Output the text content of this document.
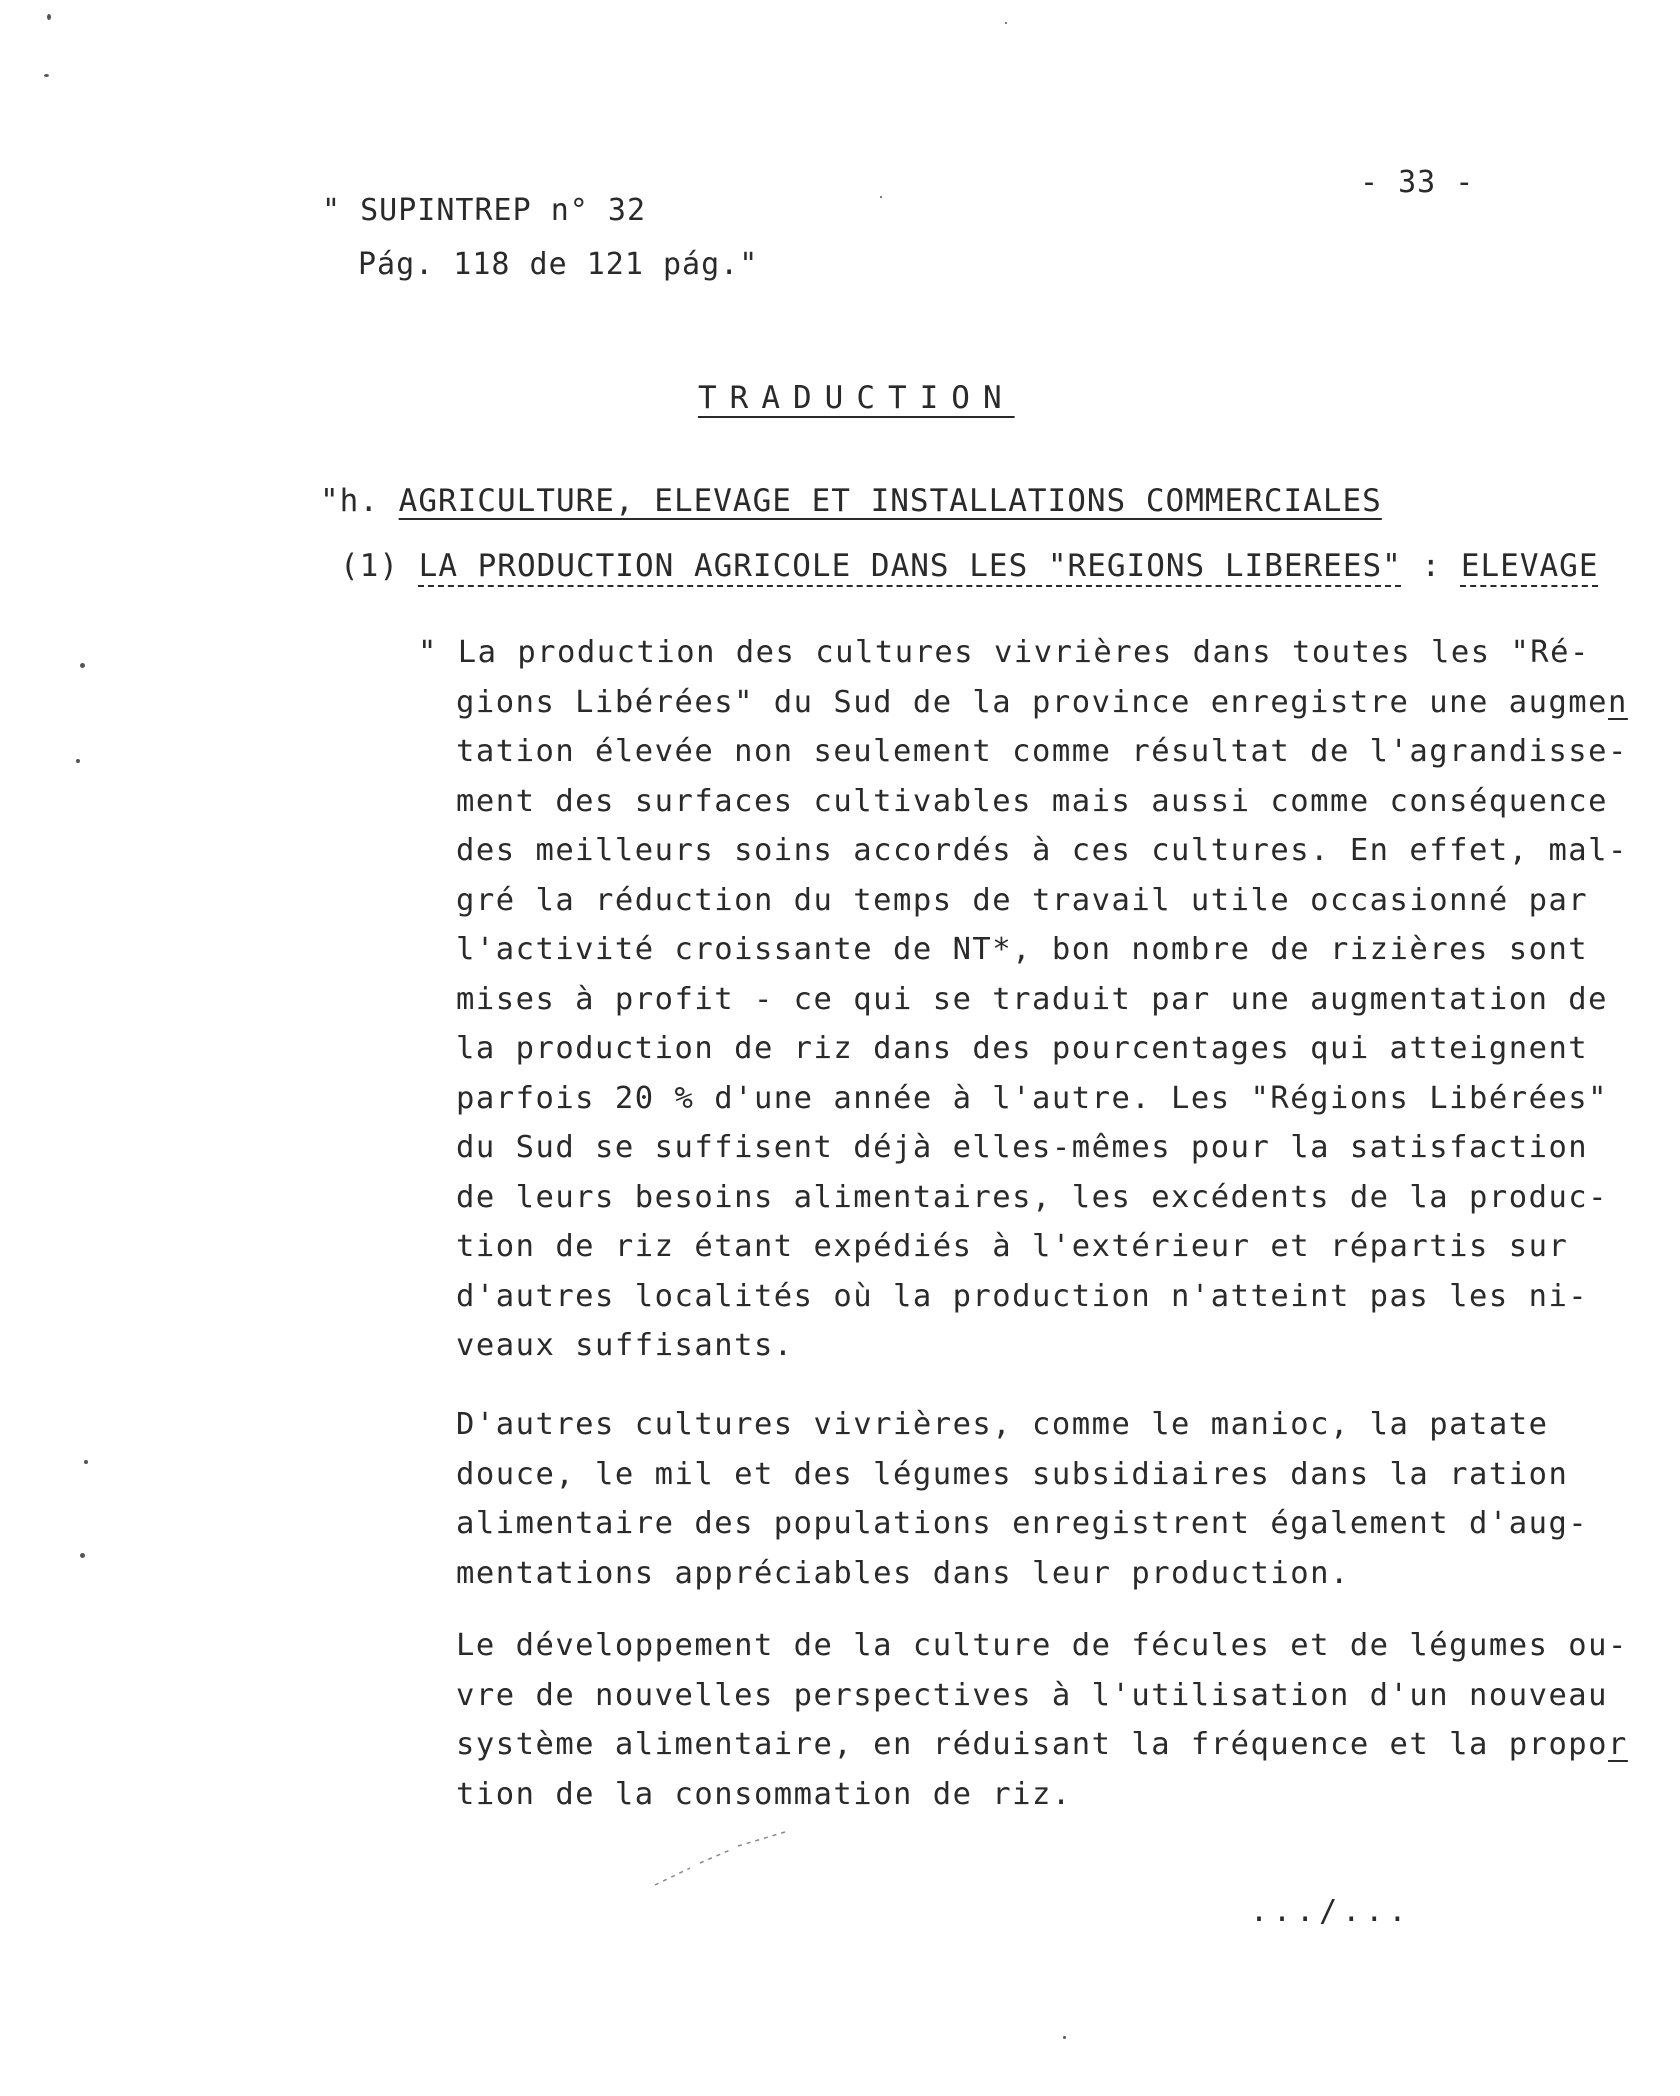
- 33 -
" SUPINTREP n° 32
Pág. 118 de 121 pág."
TRADUCTION
"h. AGRICULTURE, ELEVAGE ET INSTALLATIONS COMMERCIALES
(1) LA PRODUCTION AGRICOLE DANS LES "REGIONS LIBEREES" : ELEVAGE
" La production des cultures vivrières dans toutes les "Ré-
gions Libérées" du Sud de la province enregistre une augmen
tation élevée non seulement comme résultat de l'agrandisse-
ment des surfaces cultivables mais aussi comme conséquence
des meilleurs soins accordés à ces cultures. En effet, mal-
gré la réduction du temps de travail utile occasionné par
l'activité croissante de NT*, bon nombre de rizières sont
mises à profit - ce qui se traduit par une augmentation de
la production de riz dans des pourcentages qui atteignent
parfois 20 % d'une année à l'autre. Les "Régions Libérées"
du Sud se suffisent déjà elles-mêmes pour la satisfaction
de leurs besoins alimentaires, les excédents de la produc-
tion de riz étant expédiés à l'extérieur et répartis sur
d'autres localités où la production n'atteint pas les ni-
veaux suffisants.
D'autres cultures vivrières, comme le manioc, la patate
douce, le mil et des légumes subsidiaires dans la ration
alimentaire des populations enregistrent également d'aug-
mentations appréciables dans leur production.
Le développement de la culture de fécules et de légumes ou-
vre de nouvelles perspectives à l'utilisation d'un nouveau
système alimentaire, en réduisant la fréquence et la propor
tion de la consommation de riz.
.../...
